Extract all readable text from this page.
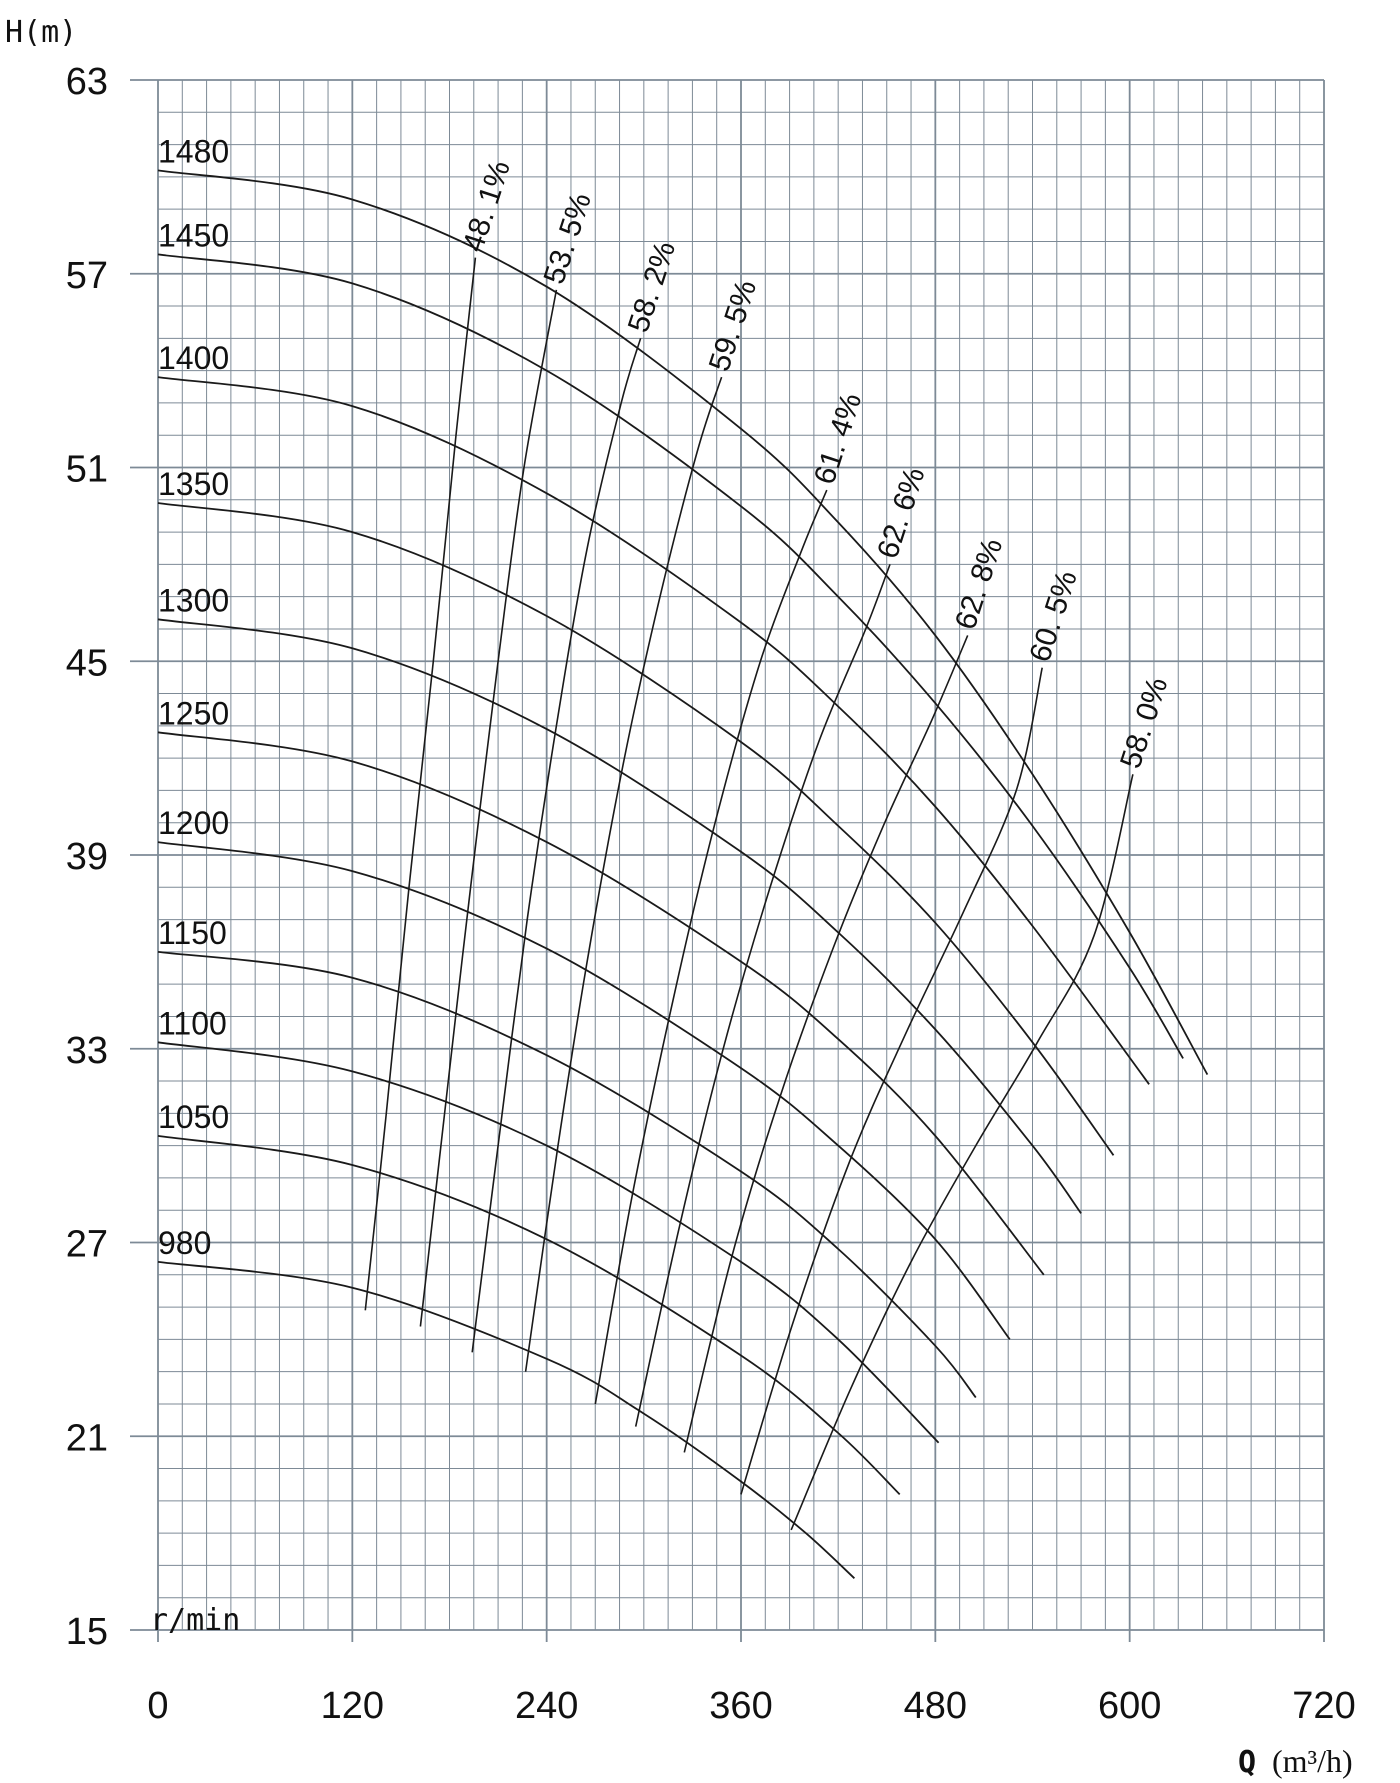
15
21
27
33
39
45
51
57
63
0	120	240	360	480	600	720
1480
1450
1400
1350
1300
1250
1200
1150
1100
1050
980
48. 1% 53. 5% 58. 2% 59. 5%
61. 4%
62. 6%
62. 8% 60. 5%
58. 0%
H(m)
r/min
Q (m³/h)
